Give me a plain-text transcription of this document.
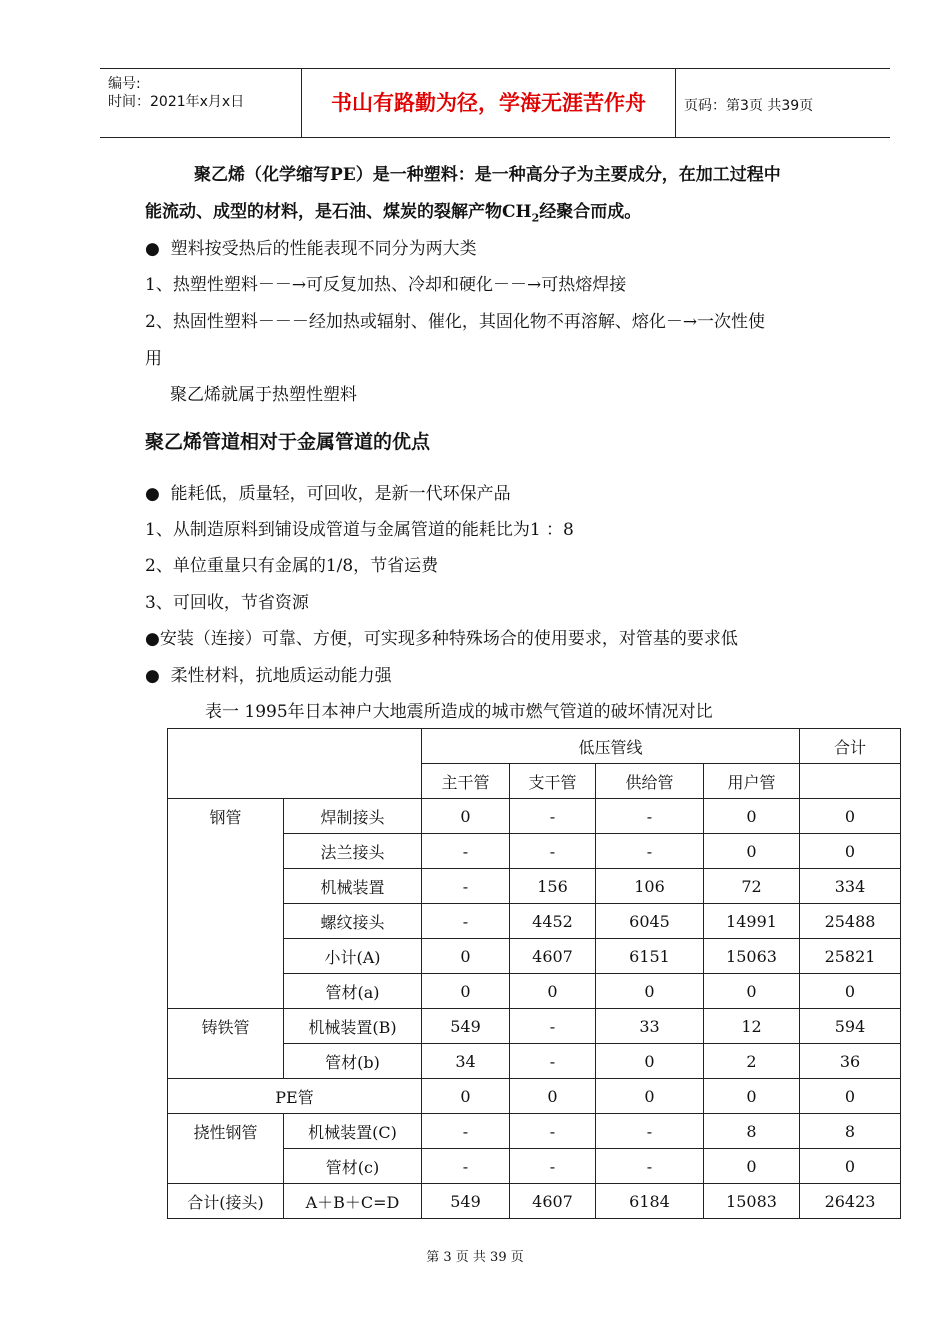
编号:
时间：2021年x月x日	书山有路勤为径，学海无涯苦作舟	页码：第3页 共39页
聚乙烯（化学缩写PE）是一种塑料：是一种高分子为主要成分，在加工过程中
能流动、成型的材料，是石油、煤炭的裂解产物$CH_2$经聚合而成。
● 塑料按受热后的性能表现不同分为两大类
1、热塑性塑料－－→可反复加热、冷却和硬化－－→可热熔焊接
2、热固性塑料－－－经加热或辐射、催化，其固化物不再溶解、熔化－→一次性使
用
聚乙烯就属于热塑性塑料
聚乙烯管道相对于金属管道的优点
● 能耗低，质量轻，可回收，是新一代环保产品
1、从制造原料到铺设成管道与金属管道的能耗比为1 ：8
2、单位重量只有金属的1/8，节省运费
3、可回收，节省资源
●安装（连接）可靠、方便，可实现多种特殊场合的使用要求，对管基的要求低
● 柔性材料，抗地质运动能力强
表一 1995年日本神户大地震所造成的城市燃气管道的破坏情况对比
		低压管线				合计
		主干管	支干管	供给管	用户管	
钢管	焊制接头	0	-	-	0	0
	法兰接头	-	-	-	0	0
	机械装置	-	156	106	72	334
	螺纹接头	-	4452	6045	14991	25488
	小计(A)	0	4607	6151	15063	25821
	管材(a)	0	0	0	0	0
铸铁管	机械装置(B)	549	-	33	12	594
	管材(b)	34	-	0	2	36
PE管		0	0	0	0	0
挠性钢管	机械装置(C)	-	-	-	8	8
	管材(c)	-	-	-	0	0
合计(接头)	A＋B＋C=D	549	4607	6184	15083	26423
第 3 页 共 39 页
